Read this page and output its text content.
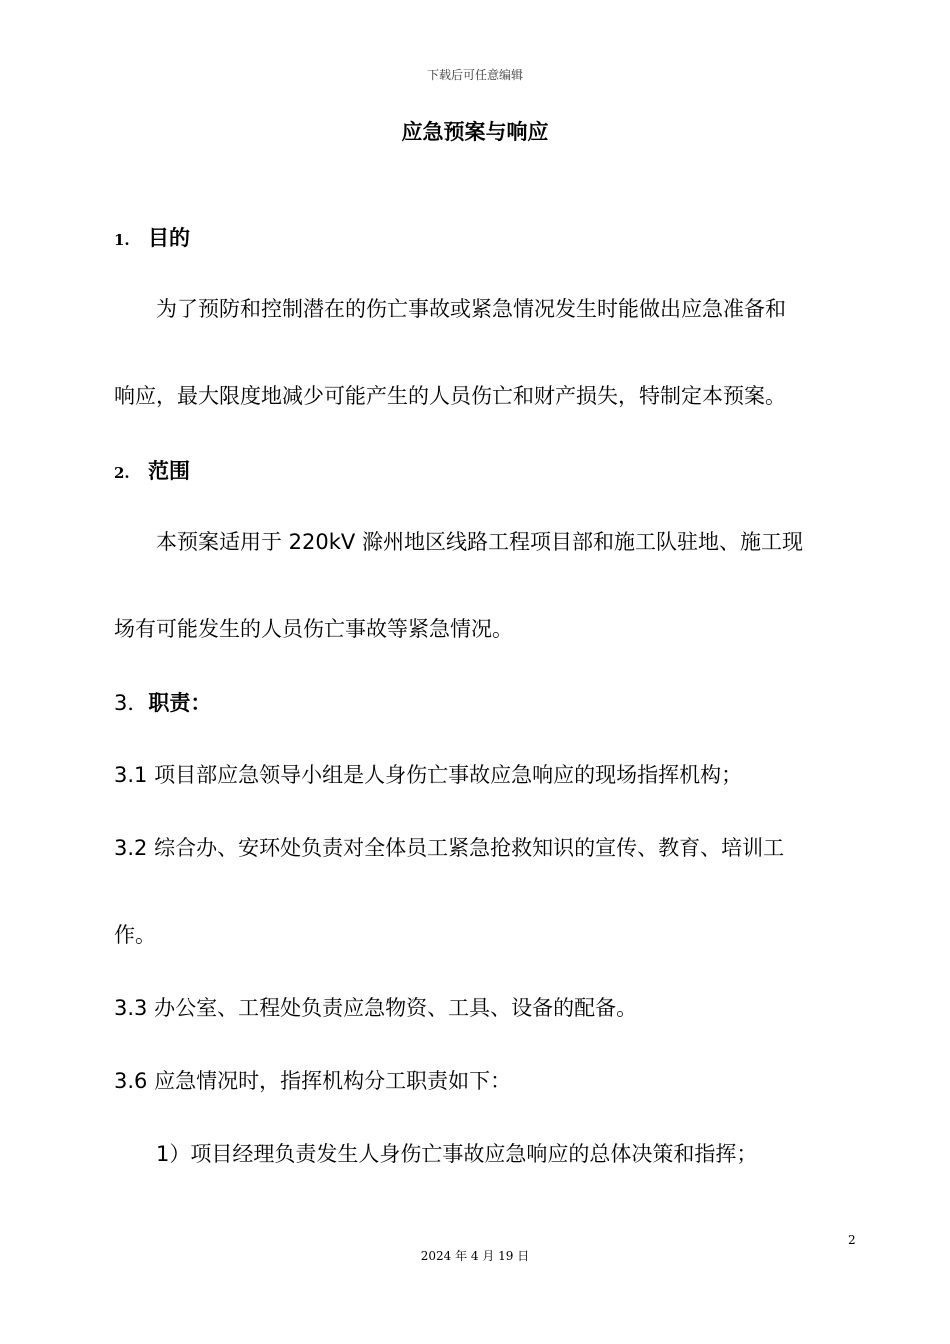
下载后可任意编辑
应急预案与响应
1. 目的
为了预防和控制潜在的伤亡事故或紧急情况发生时能做出应急准备和
响应，最大限度地减少可能产生的人员伤亡和财产损失，特制定本预案。
2. 范围
本预案适用于 220kV 滁州地区线路工程项目部和施工队驻地、施工现
场有可能发生的人员伤亡事故等紧急情况。
3．职责：
3.1 项目部应急领导小组是人身伤亡事故应急响应的现场指挥机构；
3.2 综合办、安环处负责对全体员工紧急抢救知识的宣传、教育、培训工
作。
3.3 办公室、工程处负责应急物资、工具、设备的配备。
3.6 应急情况时，指挥机构分工职责如下：
1）项目经理负责发生人身伤亡事故应急响应的总体决策和指挥；
2
2024 年 4 月 19 日
